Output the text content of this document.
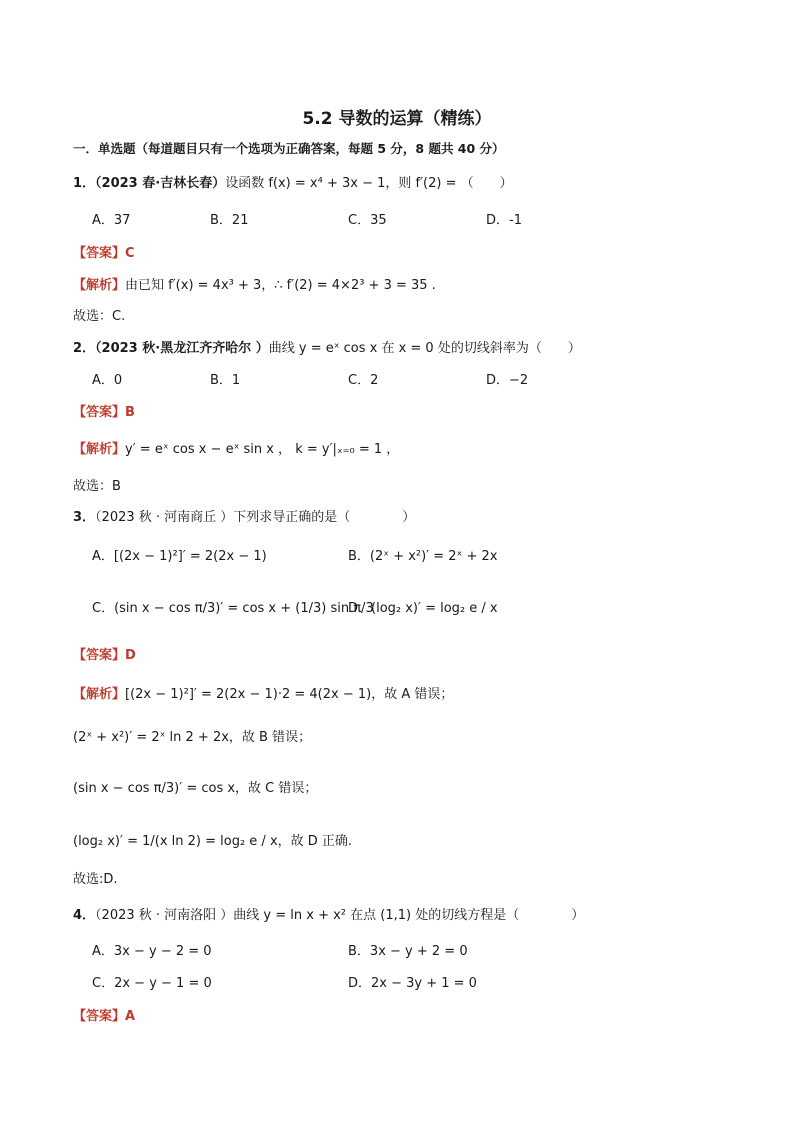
5.2 导数的运算（精练）
一．单选题（每道题目只有一个选项为正确答案，每题 5 分，8 题共 40 分）
1．（2023 春·吉林长春）设函数 f(x) = x⁴ + 3x − 1，则 f′(2) = （　　）
A．37	B．21	C．35	D．-1
【答案】C
【解析】由已知 f′(x) = 4x³ + 3，∴ f′(2) = 4×2³ + 3 = 35 .
故选：C.
2．（2023 秋·黑龙江齐齐哈尔 ）曲线 y = eˣ cos x 在 x = 0 处的切线斜率为（　　）
A．0	B．1	C．2	D．−2
【答案】B
【解析】y′ = eˣ cos x − eˣ sin x ， k = y′|ₓ₌₀ = 1 ，
故选：B
3．（2023 秋 · 河南商丘 ）下列求导正确的是（　　　　）
A．[(2x − 1)²]′ = 2(2x − 1)	B．(2ˣ + x²)′ = 2ˣ + 2x
C．(sin x − cos π/3)′ = cos x + (1/3) sin π/3
D．(log₂ x)′ = log₂ e / x
【答案】D
【解析】[(2x − 1)²]′ = 2(2x − 1)·2 = 4(2x − 1)，故 A 错误；
(2ˣ + x²)′ = 2ˣ ln 2 + 2x，故 B 错误；
(sin x − cos π/3)′ = cos x，故 C 错误；
(log₂ x)′ = 1/(x ln 2) = log₂ e / x，故 D 正确.
故选:D.
4．（2023 秋 · 河南洛阳 ）曲线 y = ln x + x² 在点 (1,1) 处的切线方程是（　　　　）
A．3x − y − 2 = 0	B．3x − y + 2 = 0
C．2x − y − 1 = 0	D．2x − 3y + 1 = 0
【答案】A
